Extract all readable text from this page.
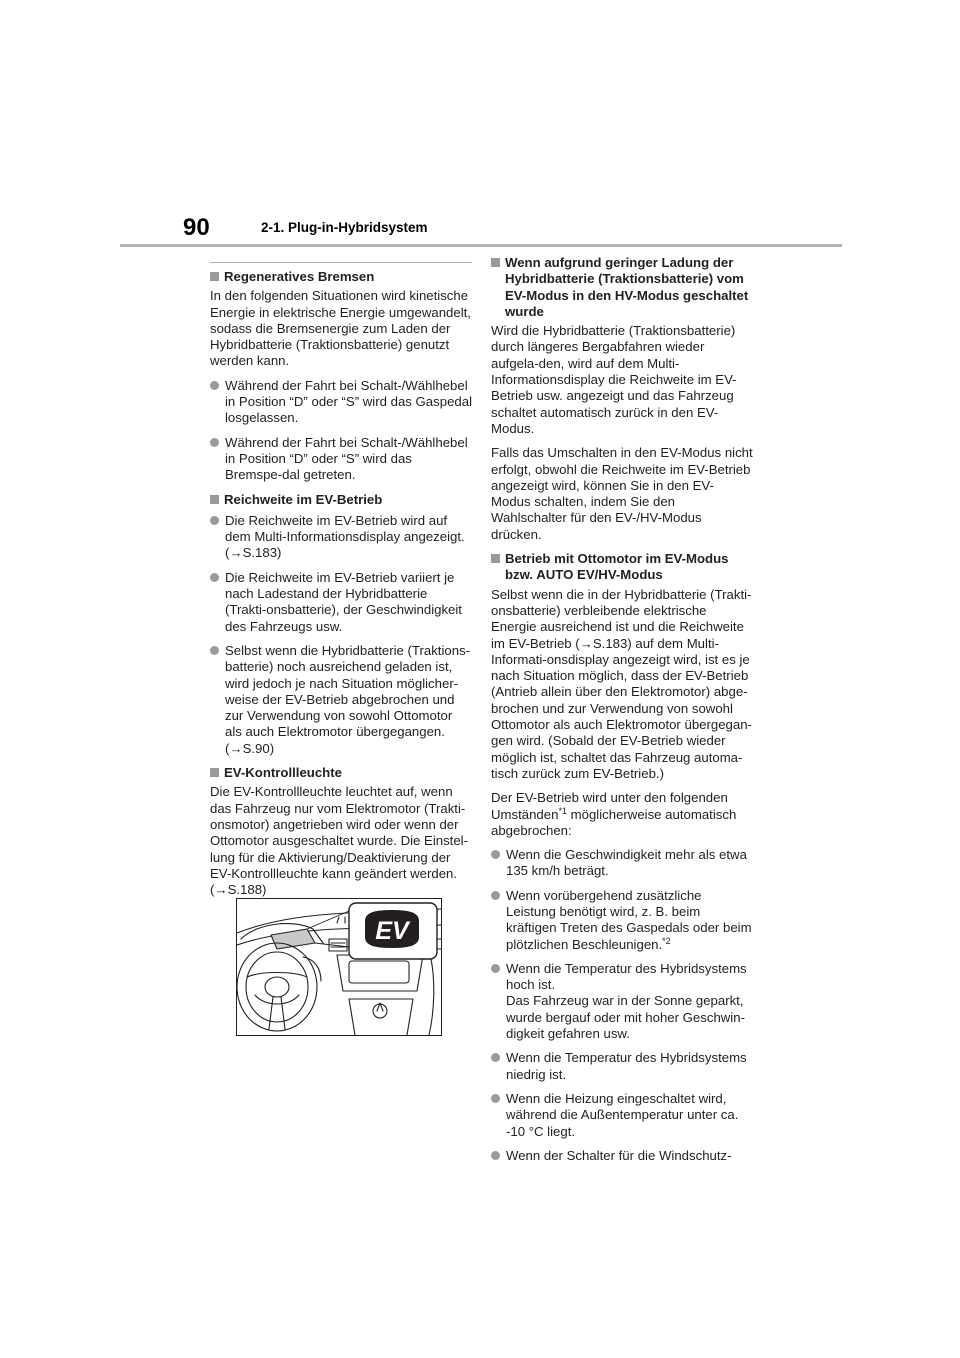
90	2-1. Plug-in-Hybridsystem
Regeneratives Bremsen

In den folgenden Situationen wird kinetische Energie in elektrische Energie umgewandelt, sodass die Bremsenergie zum Laden der Hybridbatterie (Traktionsbatterie) genutzt werden kann.

Während der Fahrt bei Schalt-/Wählhebel in Position “D” oder “S” wird das Gaspedal losgelassen.
Während der Fahrt bei Schalt-/Wählhebel in Position “D” oder “S” wird das Bremspe-dal getreten.
Reichweite im EV-Betrieb
Die Reichweite im EV-Betrieb wird auf dem Multi-Informationsdisplay angezeigt. (→S.183)
Die Reichweite im EV-Betrieb variiert je nach Ladestand der Hybridbatterie (Trakti-onsbatterie), der Geschwindigkeit des Fahrzeugs usw.
Selbst wenn die Hybridbatterie (Traktions-batterie) noch ausreichend geladen ist, wird jedoch je nach Situation möglicher-weise der EV-Betrieb abgebrochen und zur Verwendung von sowohl Ottomotor als auch Elektromotor übergegangen. (→S.90)
EV-Kontrollleuchte

Die EV-Kontrollleuchte leuchtet auf, wenn das Fahrzeug nur vom Elektromotor (Trakti-onsmotor) angetrieben wird oder wenn der Ottomotor ausgeschaltet wurde. Die Einstel-lung für die Aktivierung/Deaktivierung der EV-Kontrollleuchte kann geändert werden. (→S.188)

EV
Wenn aufgrund geringer Ladung der Hybridbatterie (Traktionsbatterie) vom EV-Modus in den HV-Modus geschaltet wurde

Wird die Hybridbatterie (Traktionsbatterie) durch längeres Bergabfahren wieder aufgela-den, wird auf dem Multi-Informationsdisplay die Reichweite im EV-Betrieb usw. angezeigt und das Fahrzeug schaltet automatisch zurück in den EV-Modus.

Falls das Umschalten in den EV-Modus nicht erfolgt, obwohl die Reichweite im EV-Betrieb angezeigt wird, können Sie in den EV-Modus schalten, indem Sie den Wahlschalter für den EV-/HV-Modus drücken.

Betrieb mit Ottomotor im EV-Modus bzw. AUTO EV/HV-Modus

Selbst wenn die in der Hybridbatterie (Trakti-onsbatterie) verbleibende elektrische Energie ausreichend ist und die Reichweite im EV-Betrieb (→S.183) auf dem Multi-Informati-onsdisplay angezeigt wird, ist es je nach Situation möglich, dass der EV-Betrieb (Antrieb allein über den Elektromotor) abge-brochen und zur Verwendung von sowohl Ottomotor als auch Elektromotor übergegan-gen wird. (Sobald der EV-Betrieb wieder möglich ist, schaltet das Fahrzeug automa-tisch zurück zum EV-Betrieb.)

Der EV-Betrieb wird unter den folgenden Umständen$^{*1}$ möglicherweise automatisch abgebrochen:

Wenn die Geschwindigkeit mehr als etwa 135 km/h beträgt.
Wenn vorübergehend zusätzliche Leistung benötigt wird, z. B. beim kräftigen Treten des Gaspedals oder beim plötzlichen Beschleunigen.$^{*2}$
Wenn die Temperatur des Hybridsystems hoch ist.
Das Fahrzeug war in der Sonne geparkt, wurde bergauf oder mit hoher Geschwin-digkeit gefahren usw.
Wenn die Temperatur des Hybridsystems niedrig ist.
Wenn die Heizung eingeschaltet wird, während die Außentemperatur unter ca. -10 °C liegt.
Wenn der Schalter für die Windschutz-
